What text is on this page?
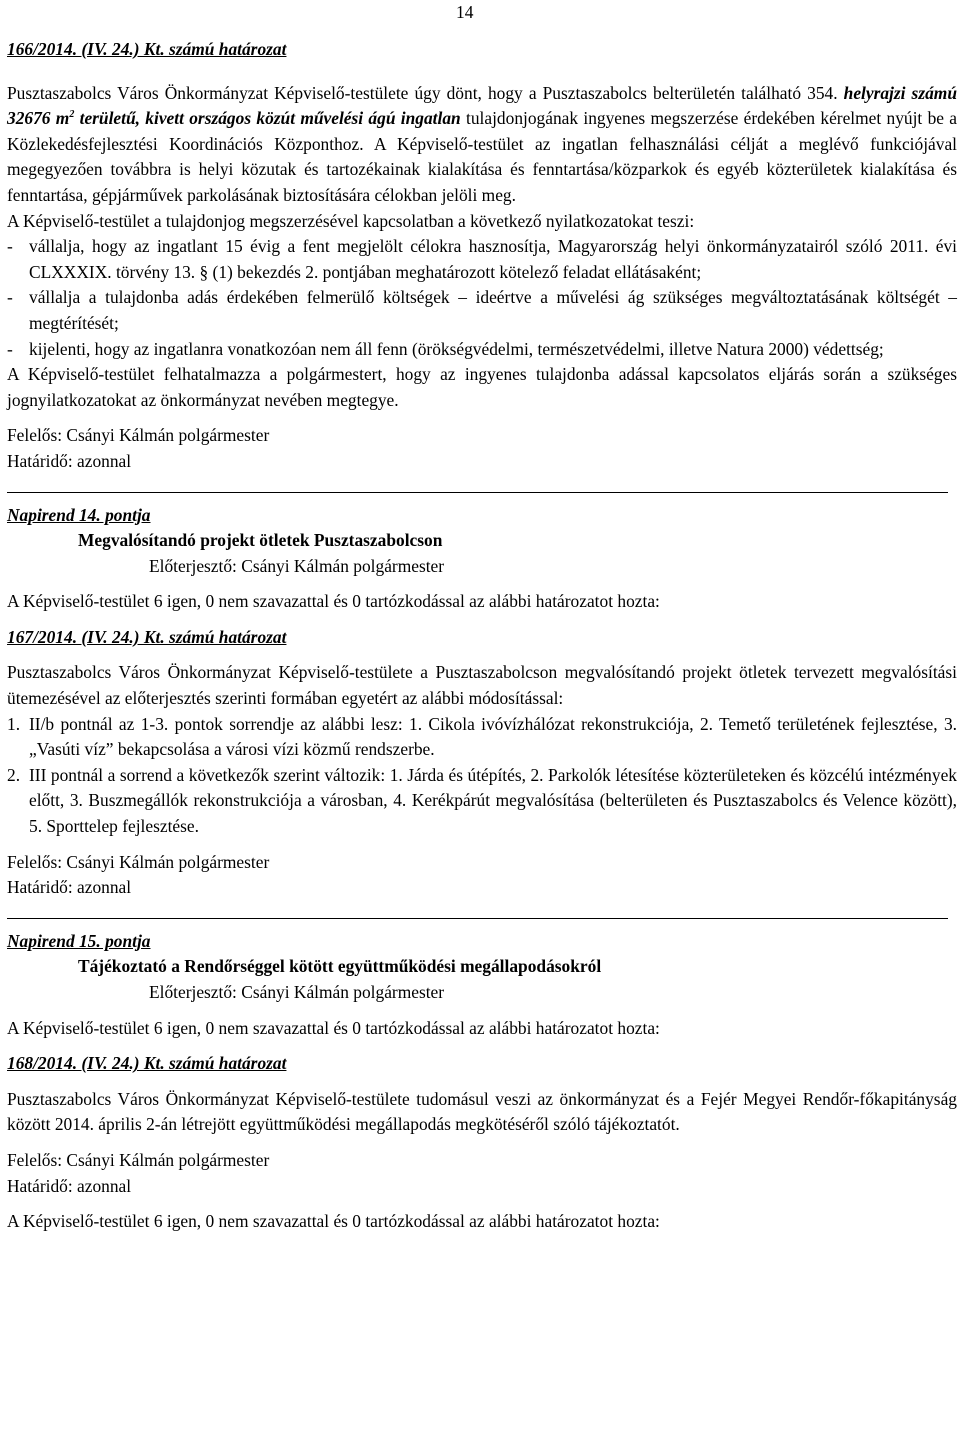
14

166/2014. (IV. 24.) Kt. számú határozat

Pusztaszabolcs Város Önkormányzat Képviselő-testülete úgy dönt, hogy a Pusztaszabolcs belterületén található 354. helyrajzi számú 32676 $m^2$ területű, kivett országos közút művelési ágú ingatlan tulajdonjogának ingyenes megszerzése érdekében kérelmet nyújt be a Közlekedésfejlesztési Koordinációs Központhoz. A Képviselő-testület az ingatlan felhasználási célját a meglévő funkciójával megegyezően továbbra is helyi közutak és tartozékainak kialakítása és fenntartása/közparkok és egyéb közterületek kialakítása és fenntartása, gépjárművek parkolásának biztosítására célokban jelöli meg.

A Képviselő-testület a tulajdonjog megszerzésével kapcsolatban a következő nyilatkozatokat teszi:

- vállalja, hogy az ingatlant 15 évig a fent megjelölt célokra hasznosítja, Magyarország helyi önkormányzatairól szóló 2011. évi CLXXXIX. törvény 13. § (1) bekezdés 2. pontjában meghatározott kötelező feladat ellátásaként;
- vállalja a tulajdonba adás érdekében felmerülő költségek – ideértve a művelési ág szükséges megváltoztatásának költségét – megtérítését;
- kijelenti, hogy az ingatlanra vonatkozóan nem áll fenn (örökségvédelmi, természetvédelmi, illetve Natura 2000) védettség;

A Képviselő-testület felhatalmazza a polgármestert, hogy az ingyenes tulajdonba adással kapcsolatos eljárás során a szükséges jognyilatkozatokat az önkormányzat nevében megtegye.

Felelős: Csányi Kálmán polgármester

Határidő: azonnal

Napirend 14. pontja

Megvalósítandó projekt ötletek Pusztaszabolcson

Előterjesztő: Csányi Kálmán polgármester

A Képviselő-testület 6 igen, 0 nem szavazattal és 0 tartózkodással az alábbi határozatot hozta:

167/2014. (IV. 24.) Kt. számú határozat

Pusztaszabolcs Város Önkormányzat Képviselő-testülete a Pusztaszabolcson megvalósítandó projekt ötletek tervezett megvalósítási ütemezésével az előterjesztés szerinti formában egyetért az alábbi módosítással:

1. II/b pontnál az 1-3. pontok sorrendje az alábbi lesz: 1. Cikola ivóvízhálózat rekonstrukciója, 2. Temető területének fejlesztése, 3. „Vasúti víz” bekapcsolása a városi vízi közmű rendszerbe.
2. III pontnál a sorrend a következők szerint változik: 1. Járda és útépítés, 2. Parkolók létesítése közterületeken és közcélú intézmények előtt, 3. Buszmegállók rekonstrukciója a városban, 4. Kerékpárút megvalósítása (belterületen és Pusztaszabolcs és Velence között), 5. Sporttelep fejlesztése.

Felelős: Csányi Kálmán polgármester

Határidő: azonnal

Napirend 15. pontja

Tájékoztató a Rendőrséggel kötött együttműködési megállapodásokról

Előterjesztő: Csányi Kálmán polgármester

A Képviselő-testület 6 igen, 0 nem szavazattal és 0 tartózkodással az alábbi határozatot hozta:

168/2014. (IV. 24.) Kt. számú határozat

Pusztaszabolcs Város Önkormányzat Képviselő-testülete tudomásul veszi az önkormányzat és a Fejér Megyei Rendőr-főkapitányság között 2014. április 2-án létrejött együttműködési megállapodás megkötéséről szóló tájékoztatót.

Felelős: Csányi Kálmán polgármester

Határidő: azonnal

A Képviselő-testület 6 igen, 0 nem szavazattal és 0 tartózkodással az alábbi határozatot hozta:
